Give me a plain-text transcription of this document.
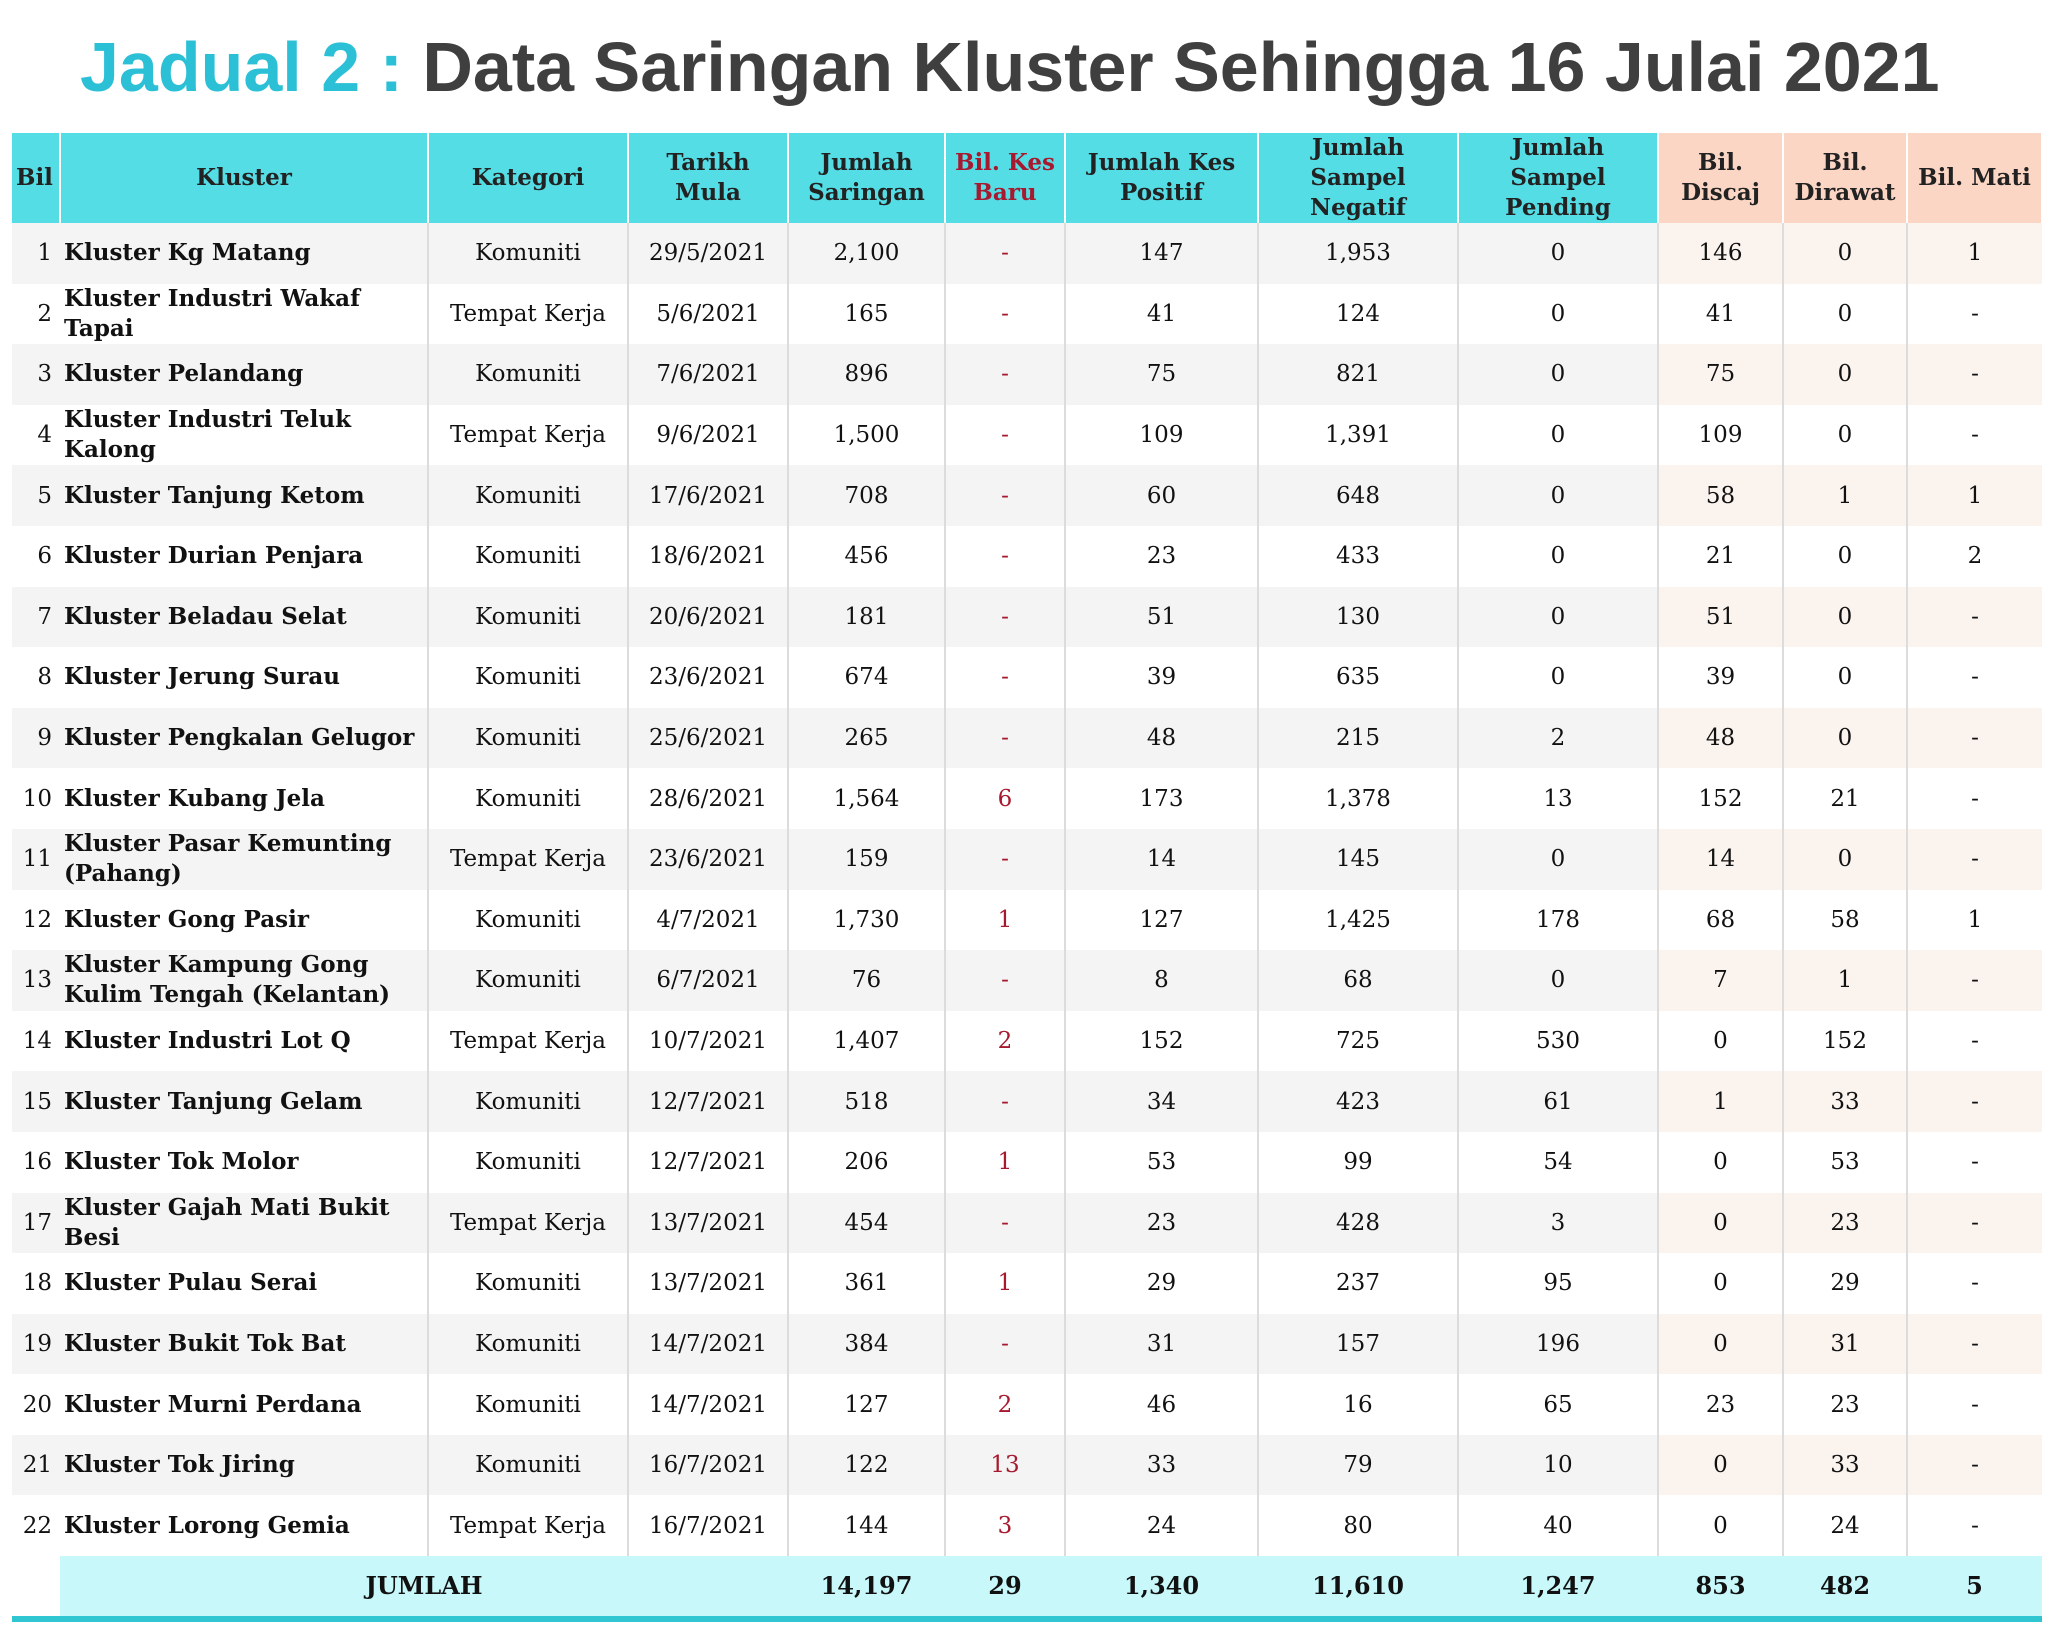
Jadual 2 : Data Saringan Kluster Sehingga 16 Julai 2021
Bil	Kluster	Kategori	Tarikh Mula	Jumlah Saringan	Bil. Kes Baru	Jumlah Kes Positif	Jumlah Sampel Negatif	Jumlah Sampel Pending	Bil. Discaj	Bil. Dirawat	Bil. Mati
1	Kluster Kg Matang	Komuniti	29/5/2021	2,100	-	147	1,953	0	146	0	1
2	Kluster Industri Wakaf Tapai	Tempat Kerja	5/6/2021	165	-	41	124	0	41	0	-
3	Kluster Pelandang	Komuniti	7/6/2021	896	-	75	821	0	75	0	-
4	Kluster Industri Teluk Kalong	Tempat Kerja	9/6/2021	1,500	-	109	1,391	0	109	0	-
5	Kluster Tanjung Ketom	Komuniti	17/6/2021	708	-	60	648	0	58	1	1
6	Kluster Durian Penjara	Komuniti	18/6/2021	456	-	23	433	0	21	0	2
7	Kluster Beladau Selat	Komuniti	20/6/2021	181	-	51	130	0	51	0	-
8	Kluster Jerung Surau	Komuniti	23/6/2021	674	-	39	635	0	39	0	-
9	Kluster Pengkalan Gelugor	Komuniti	25/6/2021	265	-	48	215	2	48	0	-
10	Kluster Kubang Jela	Komuniti	28/6/2021	1,564	6	173	1,378	13	152	21	-
11	Kluster Pasar Kemunting (Pahang)	Tempat Kerja	23/6/2021	159	-	14	145	0	14	0	-
12	Kluster Gong Pasir	Komuniti	4/7/2021	1,730	1	127	1,425	178	68	58	1
13	Kluster Kampung Gong Kulim Tengah (Kelantan)	Komuniti	6/7/2021	76	-	8	68	0	7	1	-
14	Kluster Industri Lot Q	Tempat Kerja	10/7/2021	1,407	2	152	725	530	0	152	-
15	Kluster Tanjung Gelam	Komuniti	12/7/2021	518	-	34	423	61	1	33	-
16	Kluster Tok Molor	Komuniti	12/7/2021	206	1	53	99	54	0	53	-
17	Kluster Gajah Mati Bukit Besi	Tempat Kerja	13/7/2021	454	-	23	428	3	0	23	-
18	Kluster Pulau Serai	Komuniti	13/7/2021	361	1	29	237	95	0	29	-
19	Kluster Bukit Tok Bat	Komuniti	14/7/2021	384	-	31	157	196	0	31	-
20	Kluster Murni Perdana	Komuniti	14/7/2021	127	2	46	16	65	23	23	-
21	Kluster Tok Jiring	Komuniti	16/7/2021	122	13	33	79	10	0	33	-
22	Kluster Lorong Gemia	Tempat Kerja	16/7/2021	144	3	24	80	40	0	24	-
	JUMLAH			14,197	29	1,340	11,610	1,247	853	482	5
